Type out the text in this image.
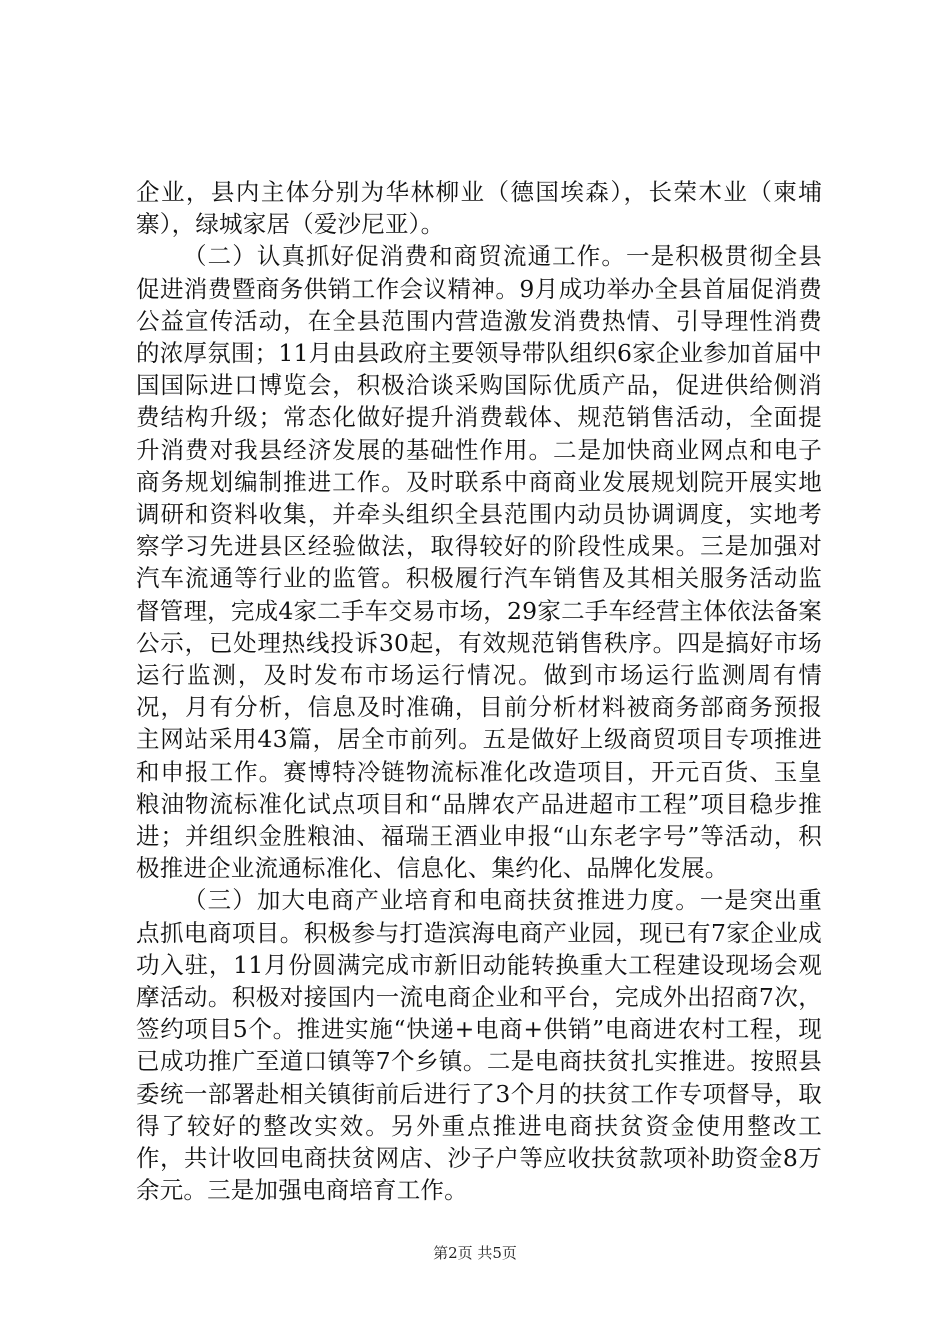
企业，县内主体分别为华林柳业（德国埃森），长荣木业（柬埔寨），绿城家居（爱沙尼亚）。

（二）认真抓好促消费和商贸流通工作。一是积极贯彻全县促进消费暨商务供销工作会议精神。9月成功举办全县首届促消费公益宣传活动，在全县范围内营造激发消费热情、引导理性消费的浓厚氛围；11月由县政府主要领导带队组织6家企业参加首届中国国际进口博览会，积极洽谈采购国际优质产品，促进供给侧消费结构升级；常态化做好提升消费载体、规范销售活动，全面提升消费对我县经济发展的基础性作用。二是加快商业网点和电子商务规划编制推进工作。及时联系中商商业发展规划院开展实地调研和资料收集，并牵头组织全县范围内动员协调调度，实地考察学习先进县区经验做法，取得较好的阶段性成果。三是加强对汽车流通等行业的监管。积极履行汽车销售及其相关服务活动监督管理，完成4家二手车交易市场，29家二手车经营主体依法备案公示，已处理热线投诉30起，有效规范销售秩序。四是搞好市场运行监测，及时发布市场运行情况。做到市场运行监测周有情况，月有分析，信息及时准确，目前分析材料被商务部商务预报主网站采用43篇，居全市前列。五是做好上级商贸项目专项推进和申报工作。赛博特冷链物流标准化改造项目，开元百货、玉皇粮油物流标准化试点项目和“品牌农产品进超市工程”项目稳步推进；并组织金胜粮油、福瑞王酒业申报“山东老字号”等活动，积极推进企业流通标准化、信息化、集约化、品牌化发展。

（三）加大电商产业培育和电商扶贫推进力度。一是突出重点抓电商项目。积极参与打造滨海电商产业园，现已有7家企业成功入驻，11月份圆满完成市新旧动能转换重大工程建设现场会观摩活动。积极对接国内一流电商企业和平台，完成外出招商7次，签约项目5个。推进实施“快递+电商+供销”电商进农村工程，现已成功推广至道口镇等7个乡镇。二是电商扶贫扎实推进。按照县委统一部署赴相关镇街前后进行了3个月的扶贫工作专项督导，取得了较好的整改实效。另外重点推进电商扶贫资金使用整改工作，共计收回电商扶贫网店、沙子户等应收扶贫款项补助资金8万余元。三是加强电商培育工作。

第2页 共5页
